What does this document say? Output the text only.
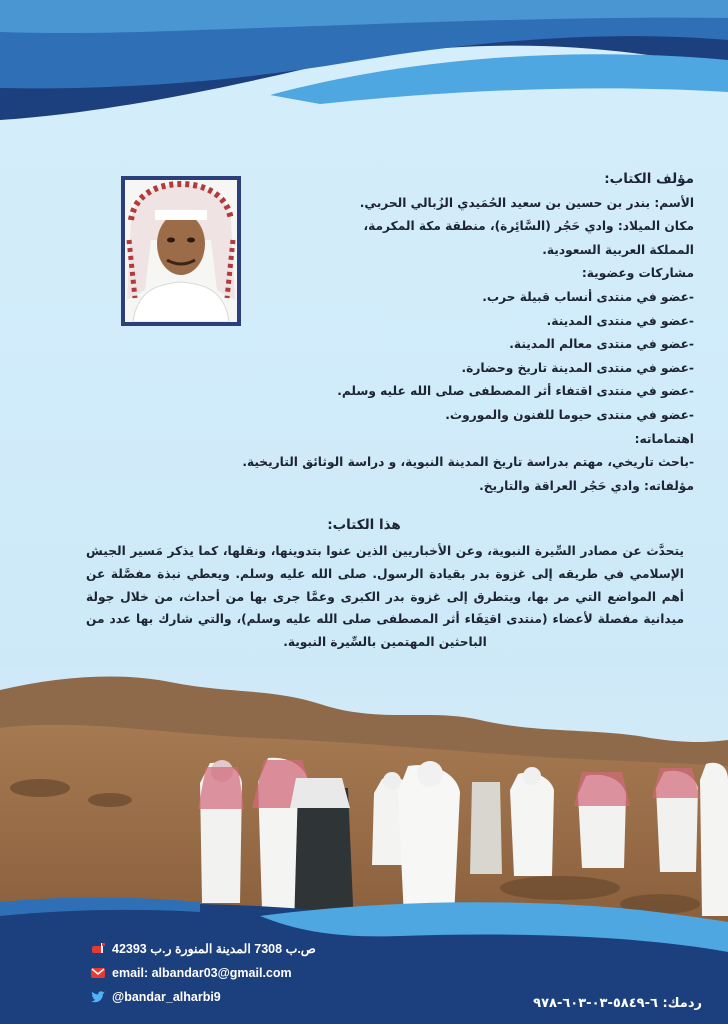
مؤلف الكتاب:
الأسم: بندر بن حسين بن سعيد الحُمَيدي الزُبالي الحربي.
مكان الميلاد: وادي حَجُر (السَّائِرة)، منطقة مكة المكرمة،
المملكة العربية السعودية.
مشاركات وعضوية:
-عضو في منتدى أنساب قبيلة حرب.
-عضو في منتدى المدينة.
-عضو في منتدى معالم المدينة.
-عضو في منتدى المدينة تاريخ وحضارة.
-عضو في منتدى اقتفاء أثر المصطفى صلى الله عليه وسلم.
-عضو في منتدى حيوما للفنون والموروث.
اهتماماته:
-باحث تاريخي، مهتم بدراسة تاريخ المدينة النبوية، و دراسة الوثائق التاريخية.
مؤلفاته: وادي حَجُر العراقة والتاريخ.
هذا الكتاب:
يتحدَّث عن مصادر السِّيرة النبوية، وعن الأخباريين الذين عنوا بتدوينها، ونقلها، كما يذكر مَسير الجيش الإسلامي في طريقه إلى غزوة بدر بقيادة الرسول. صلى الله عليه وسلم. ويعطي نبذة مفصَّلة عن أهم المواضع التي مر بها، ويتطرق إلى غزوة بدر الكبرى وعمَّا جرى بها من أحداث، من خلال جولة ميدانية مفصلة لأعضاء (منتدى اقتِفَاء أثر المصطفى صلى الله عليه وسلم)، والتي شارك بها عدد من الباحثين المهتمين بالسِّيرة النبوية.
ص.ب 7308 المدينة المنورة ر.ب 42393
email: albandar03@gmail.com
@bandar_alharbi9	ردمك: ٦-٥٨٤٩-٠٣-٦٠٣-٩٧٨
